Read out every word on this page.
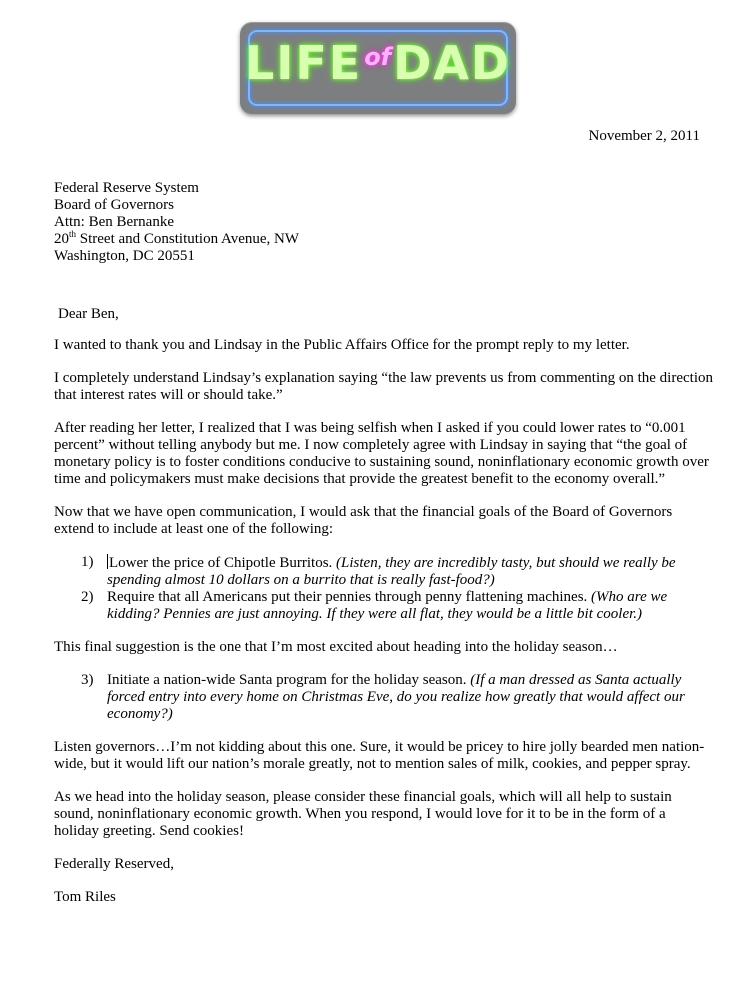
LIFEofDAD
November 2, 2011
Federal Reserve System
Board of Governors
Attn: Ben Bernanke
20th Street and Constitution Avenue, NW
Washington, DC 20551
Dear Ben,

I wanted to thank you and Lindsay in the Public Affairs Office for the prompt reply to my letter.

I completely understand Lindsay’s explanation saying “the law prevents us from commenting on the direction that interest rates will or should take.”

After reading her letter, I realized that I was being selfish when I asked if you could lower rates to “0.001 percent” without telling anybody but me. I now completely agree with Lindsay in saying that “the goal of monetary policy is to foster conditions conducive to sustaining sound, noninflationary economic growth over time and policymakers must make decisions that provide the greatest benefit to the economy overall.”

Now that we have open communication, I would ask that the financial goals of the Board of Governors extend to include at least one of the following:

1) Lower the price of Chipotle Burritos. (Listen, they are incredibly tasty, but should we really be spending almost 10 dollars on a burrito that is really fast-food?)
2) Require that all Americans put their pennies through penny flattening machines. (Who are we kidding? Pennies are just annoying. If they were all flat, they would be a little bit cooler.)

This final suggestion is the one that I’m most excited about heading into the holiday season…

3) Initiate a nation-wide Santa program for the holiday season. (If a man dressed as Santa actually forced entry into every home on Christmas Eve, do you realize how greatly that would affect our economy?)

Listen governors…I’m not kidding about this one. Sure, it would be pricey to hire jolly bearded men nation-wide, but it would lift our nation’s morale greatly, not to mention sales of milk, cookies, and pepper spray.

As we head into the holiday season, please consider these financial goals, which will all help to sustain sound, noninflationary economic growth. When you respond, I would love for it to be in the form of a holiday greeting. Send cookies!

Federally Reserved,

Tom Riles
